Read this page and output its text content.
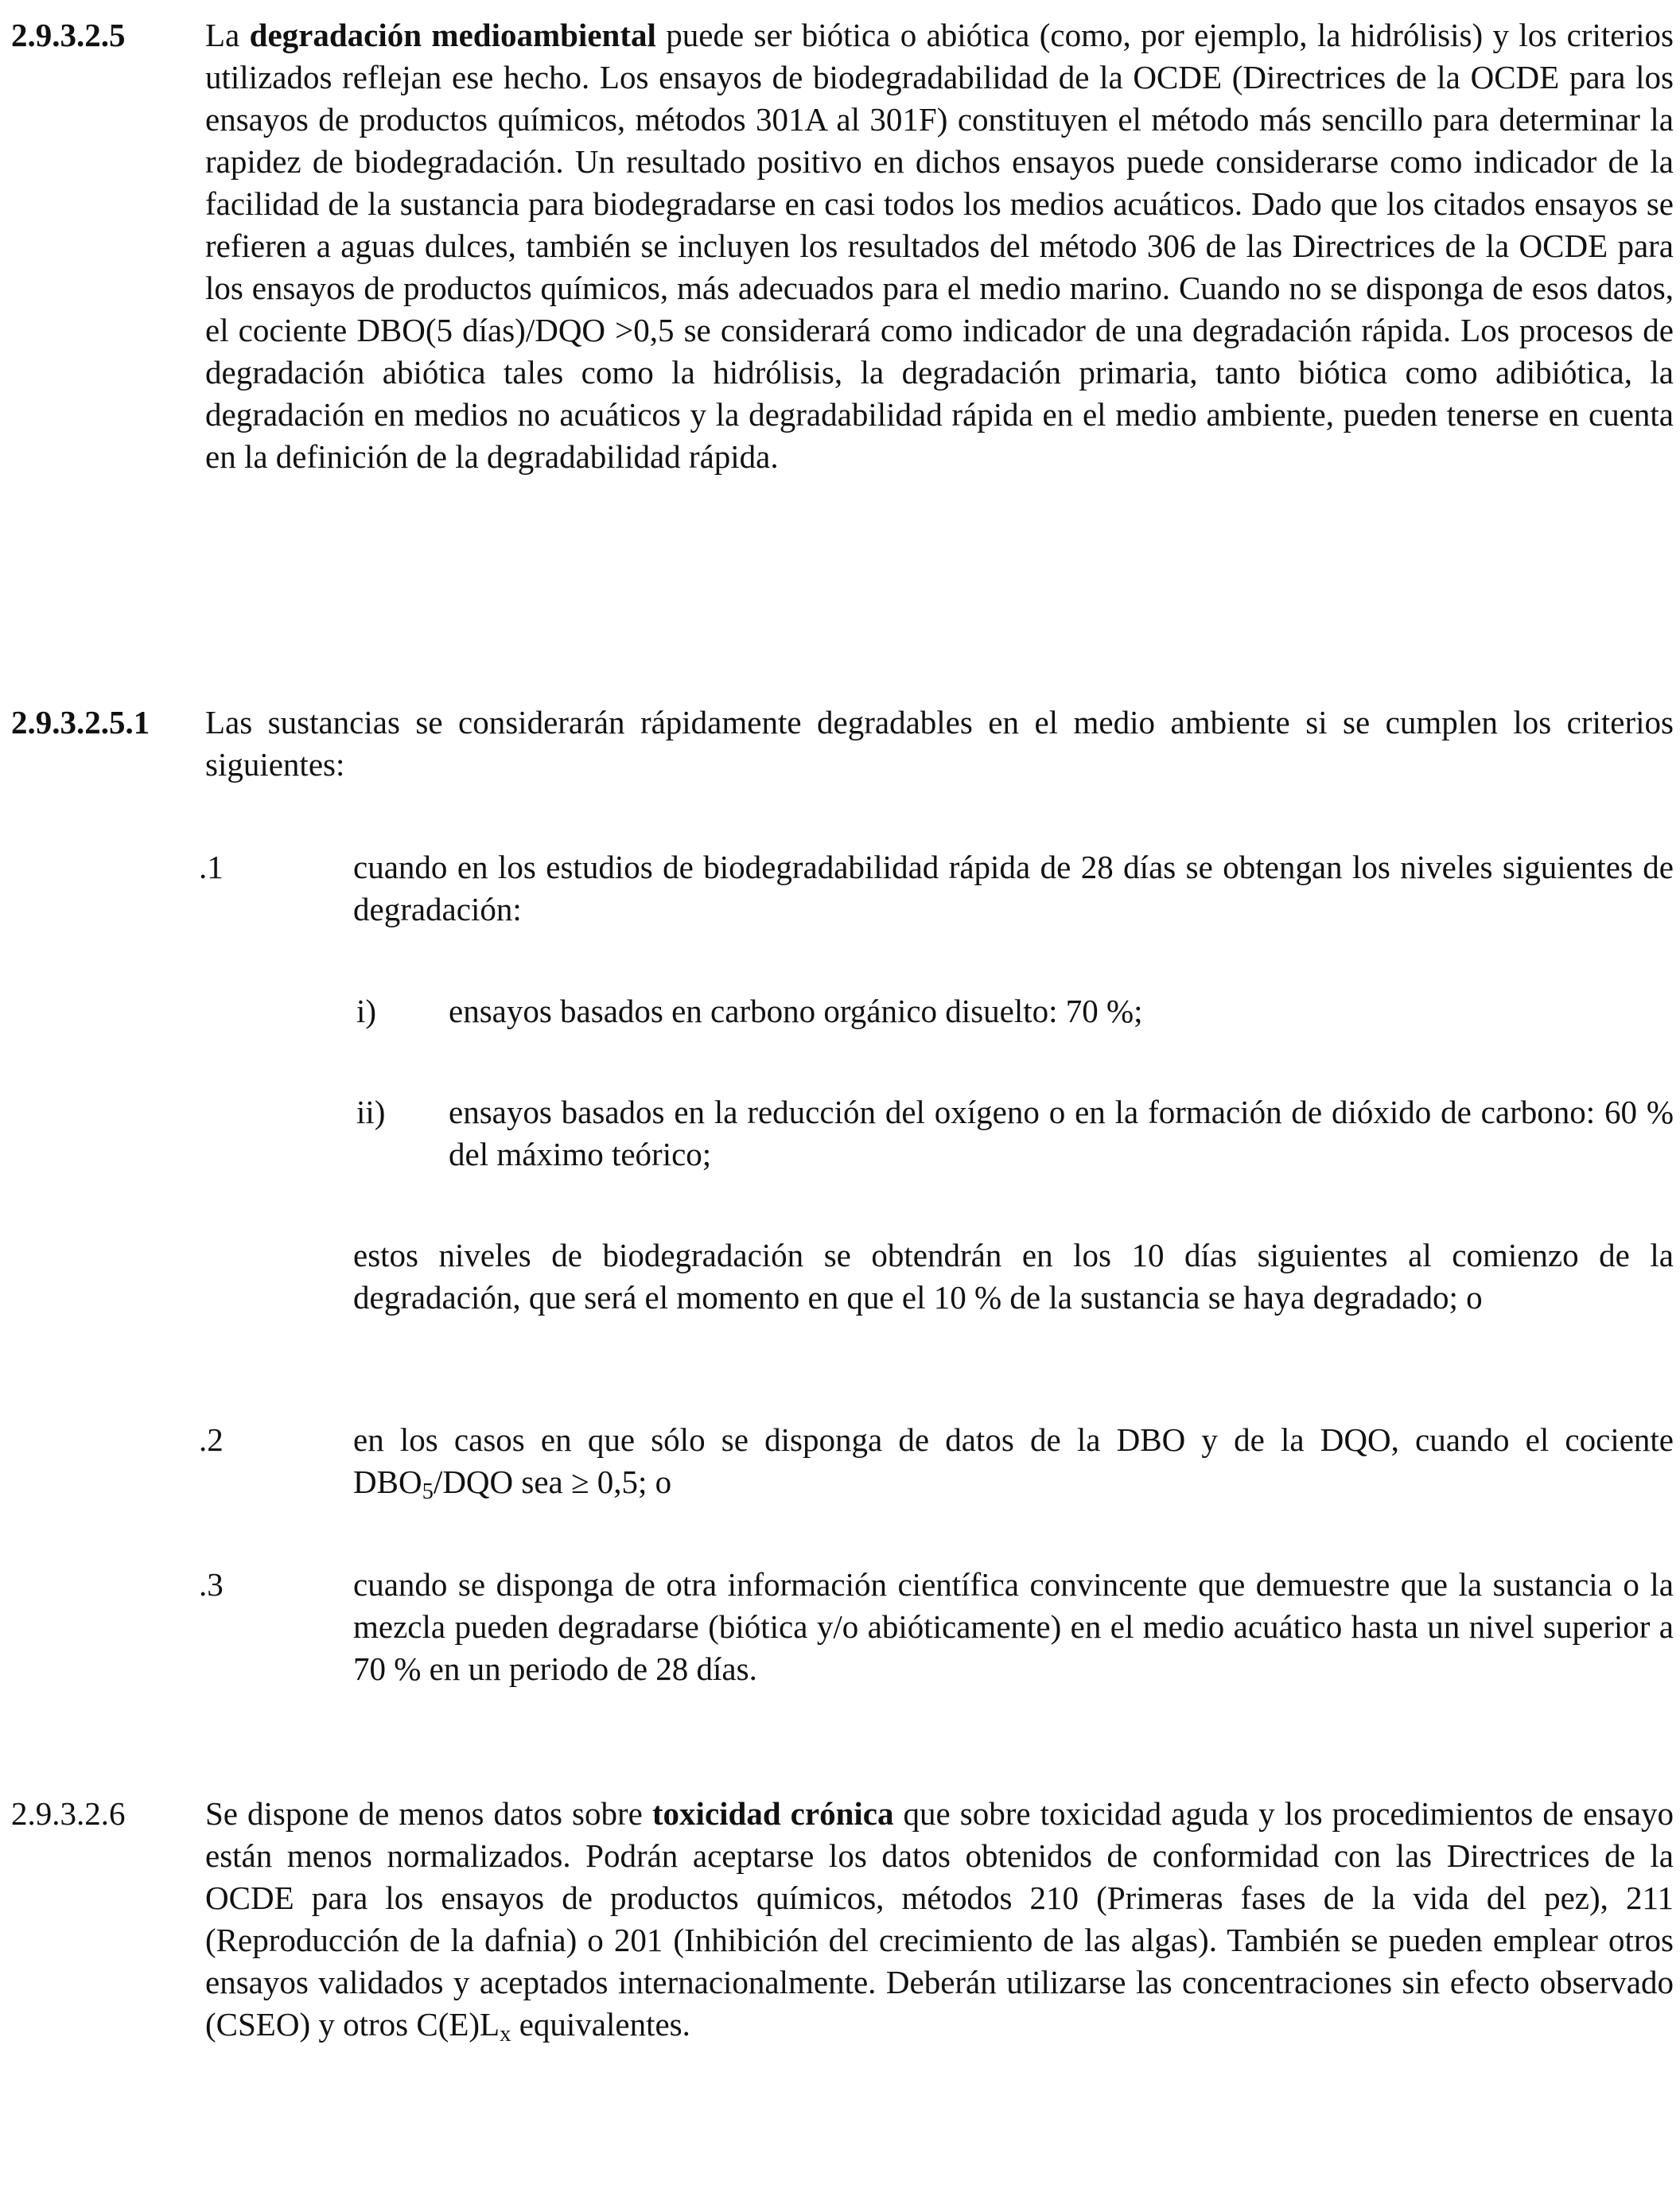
2.9.3.2.5 La degradación medioambiental puede ser biótica o abiótica (como, por ejemplo, la hidrólisis) y los criterios utilizados reflejan ese hecho. Los ensayos de biodegradabilidad de la OCDE (Directrices de la OCDE para los ensayos de productos químicos, métodos 301A al 301F) constituyen el método más sencillo para determinar la rapidez de biodegradación. Un resultado positivo en dichos ensayos puede considerarse como indicador de la facilidad de la sustancia para biodegradarse en casi todos los medios acuáticos. Dado que los citados ensayos se refieren a aguas dulces, también se incluyen los resultados del método 306 de las Directrices de la OCDE para los ensayos de productos químicos, más adecuados para el medio marino. Cuando no se disponga de esos datos, el cociente DBO(5 días)/DQO >0,5 se considerará como indicador de una degradación rápida. Los procesos de degradación abiótica tales como la hidrólisis, la degradación primaria, tanto biótica como adibiótica, la degradación en medios no acuáticos y la degradabilidad rápida en el medio ambiente, pueden tenerse en cuenta en la definición de la degradabilidad rápida.
2.9.3.2.5.1 Las sustancias se considerarán rápidamente degradables en el medio ambiente si se cumplen los criterios siguientes:
.1	cuando en los estudios de biodegradabilidad rápida de 28 días se obtengan los niveles siguientes de degradación:
i) ensayos basados en carbono orgánico disuelto: 70 %;
ii) ensayos basados en la reducción del oxígeno o en la formación de dióxido de carbono: 60 % del máximo teórico;
estos niveles de biodegradación se obtendrán en los 10 días siguientes al comienzo de la degradación, que será el momento en que el 10 % de la sustancia se haya degradado; o
.2	en los casos en que sólo se disponga de datos de la DBO y de la DQO, cuando el cociente $DBO_5$/DQO sea ≥ 0,5; o
.3	cuando se disponga de otra información científica convincente que demuestre que la sustancia o la mezcla pueden degradarse (biótica y/o abióticamente) en el medio acuático hasta un nivel superior a 70 % en un periodo de 28 días.
2.9.3.2.6 Se dispone de menos datos sobre toxicidad crónica que sobre toxicidad aguda y los procedimientos de ensayo están menos normalizados. Podrán aceptarse los datos obtenidos de conformidad con las Directrices de la OCDE para los ensayos de productos químicos, métodos 210 (Primeras fases de la vida del pez), 211 (Reproducción de la dafnia) o 201 (Inhibición del crecimiento de las algas). También se pueden emplear otros ensayos validados y aceptados internacionalmente. Deberán utilizarse las concentraciones sin efecto observado (CSEO) y otros $C(E)L_x$ equivalentes.
